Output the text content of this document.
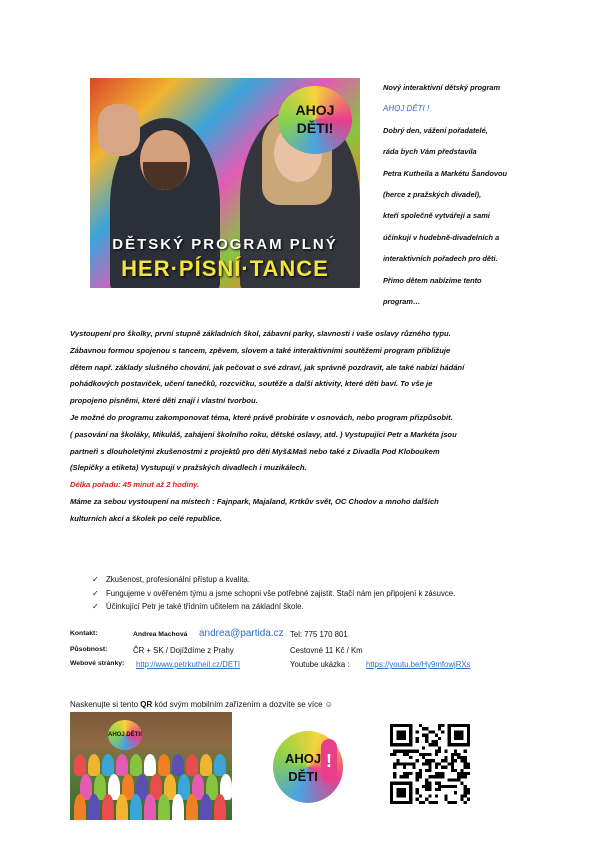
AHOJ
DĚTI!
DĚTSKÝ PROGRAM PLNÝ
HER·PÍSNÍ·TANCE
Nový interaktivní dětský program
AHOJ DĚTI !
Dobrý den, vážení pořadatelé,
ráda bych Vám představila
Petra Kutheila a Markétu Šandovou
(herce z pražských divadel),
kteří společně vytvářejí a sami
účinkují v hudebně-divadelních a
interaktivních pořadech pro děti.
Přímo dětem nabízíme tento
program…
Vystoupení pro školky, první stupně základních škol, zábavní parky, slavnosti i vaše oslavy různého typu.
Zábavnou formou spojenou s tancem, zpěvem, slovem a také interaktivními soutěžemi program přibližuje
dětem např. základy slušného chování, jak pečovat o své zdraví, jak správně pozdravit, ale také nabízí hádání
pohádkových postaviček, učení tanečků, rozcvičku, soutěže a další aktivity, které děti baví. To vše je
propojeno písněmi, které děti znají i vlastní tvorbou.
Je možné do programu zakomponovat téma, které právě probíráte v osnovách, nebo program přizpůsobit.
( pasování na školáky, Mikuláš, zahájení školního roku, dětské oslavy, atd. ) Vystupující Petr a Markéta jsou
partneři s dlouholetými zkušenostmi z projektů pro děti Myš&Maš nebo také z Divadla Pod Kloboukem
(Slepičky a etiketa) Vystupují v pražských divadlech i muzikálech.
Délka pořadu: 45 minut až 2 hodiny.
Máme za sebou vystoupení na místech : Fajnpark, Majaland, Krtkův svět, OC Chodov a mnoho dalších
kulturních akcí a školek po celé republice.
✓ Zkušenost, profesionální přístup a kvalita.
✓ Fungujeme v ověřeném týmu a jsme schopni vše potřebné zajistit. Stačí nám jen připojení k zásuvce.
✓ Účinkující Petr je také třídním učitelem na základní škole.
Kontakt:	Andrea Machová andrea@partida.cz Tel: 775 170 801
Působnost:	ČR + SK / Dojíždíme z Prahy	Cestovné 11 Kč / Km
Webové stránky: http://www.petrkutheil.cz/DETI	Youtube ukázka : https://youtu.be/Hy9mfowjRXs
Naskenujte si tento QR kód svým mobilním zařízením a dozvíte se více ☺
AHOJ DĚTI!
AHOJ
DĚTI
!
